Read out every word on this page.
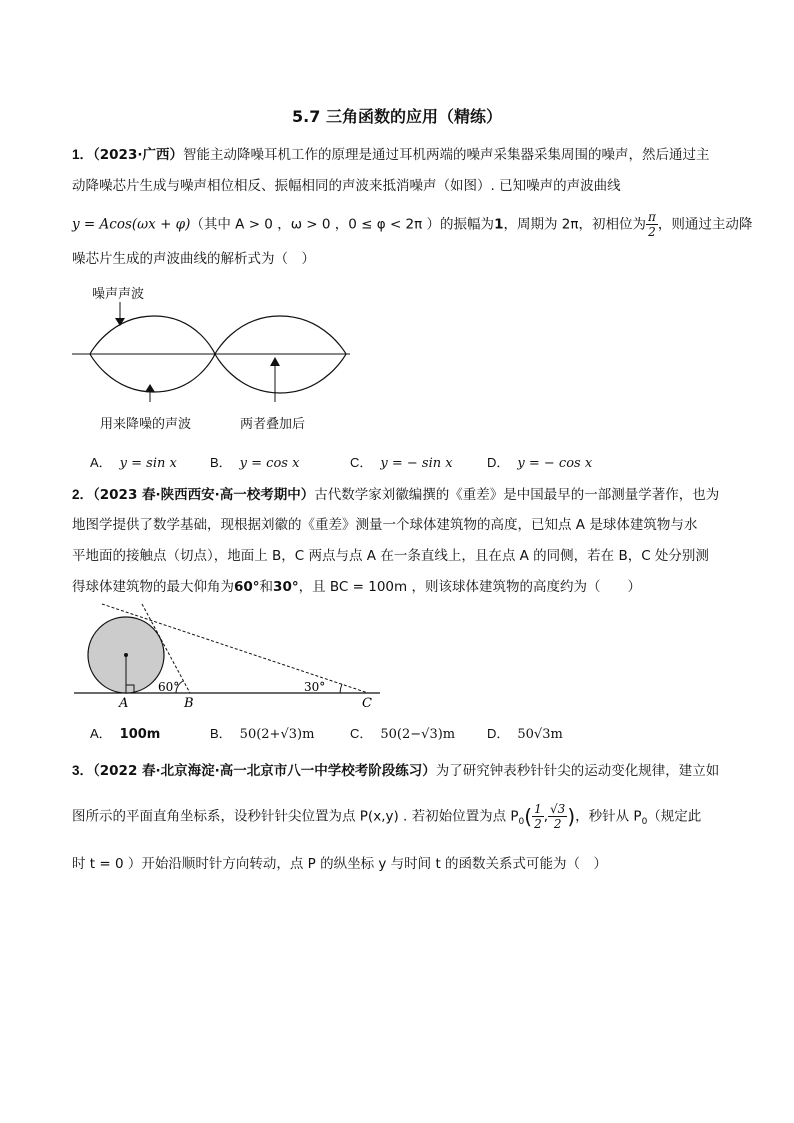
5.7 三角函数的应用（精练）
1．（2023·广西）智能主动降噪耳机工作的原理是通过耳机两端的噪声采集器采集周围的噪声，然后通过主
动降噪芯片生成与噪声相位相反、振幅相同的声波来抵消噪声（如图）. 已知噪声的声波曲线
y = Acos(ωx + φ)（其中 A > 0 ，ω > 0 ，0 ≤ φ < 2π ）的振幅为1，周期为 2π，初相位为 $\frac{\pi}{2}$ ，则通过主动降
噪芯片生成的声波曲线的解析式为（　）
噪声声波
用来降噪的声波	两者叠加后
A． y = sin x	B． y = cos x	C． y = − sin x	D． y = − cos x
2．（2023 春·陕西西安·高一校考期中）古代数学家刘徽编撰的《重差》是中国最早的一部测量学著作，也为
地图学提供了数学基础，现根据刘徽的《重差》测量一个球体建筑物的高度，已知点 A 是球体建筑物与水
平地面的接触点（切点），地面上 B，C 两点与点 A 在一条直线上，且在点 A 的同侧，若在 B，C 处分别测
得球体建筑物的最大仰角为60°和30°，且 BC = 100m ，则该球体建筑物的高度约为（　　）
60°	30°
A	B	C
A． 100m	B． 50(2+√3)m	C． 50(2−√3)m D． 50√3m
3．（2022 春·北京海淀·高一北京市八一中学校考阶段练习）为了研究钟表秒针针尖的运动变化规律，建立如
图所示的平面直角坐标系，设秒针针尖位置为点 P(x,y) . 若初始位置为点 $P_0( \frac{1}{2}$ , $\frac{√3}{2}$ )，秒针从 $P_0$（规定此
时 t = 0 ）开始沿顺时针方向转动，点 P 的纵坐标 y 与时间 t 的函数关系式可能为（　）
